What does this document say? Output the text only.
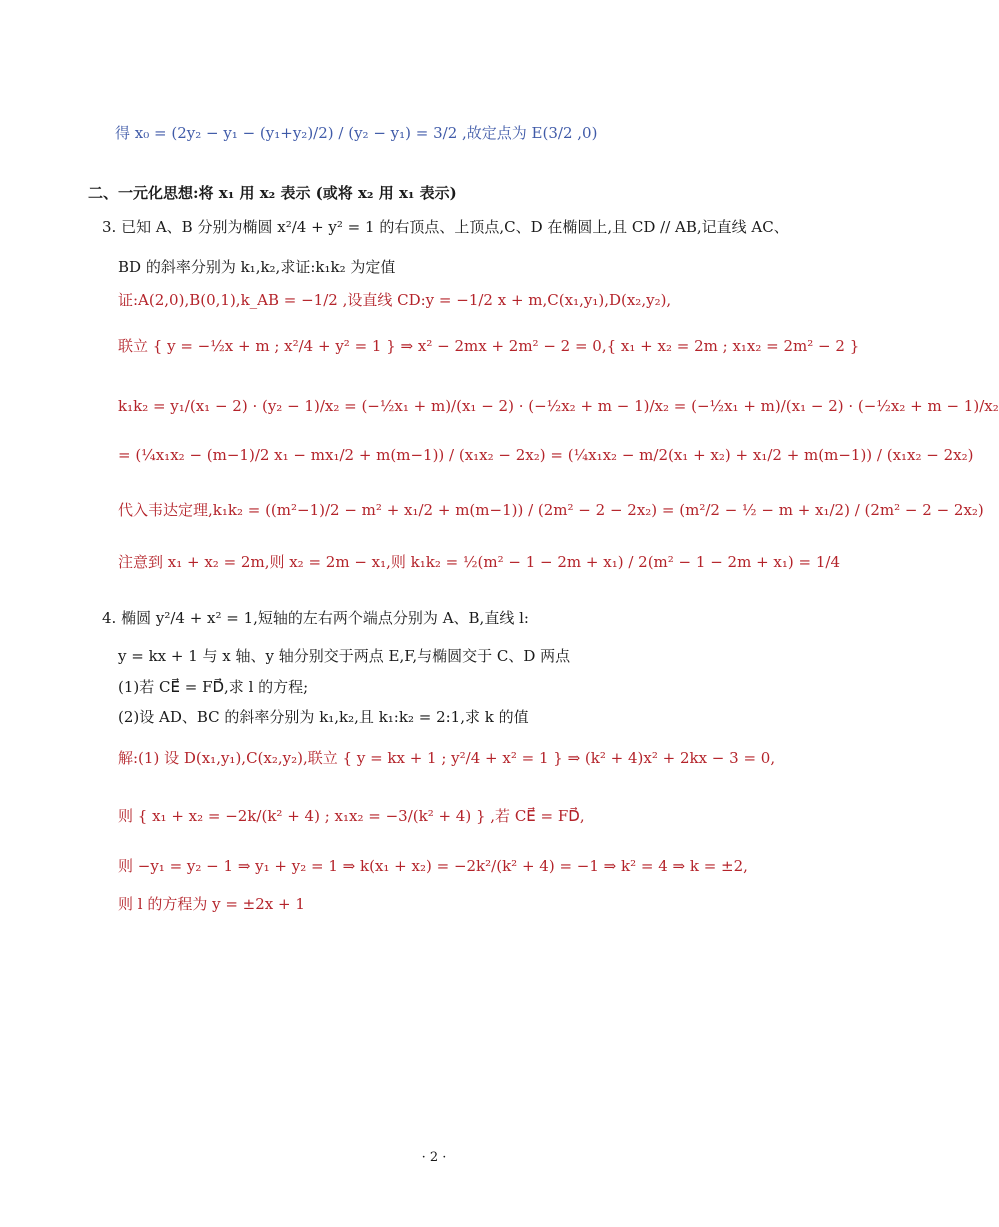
得 x₀ = (2y₂ − y₁ − (y₁+y₂)/2) / (y₂ − y₁) = 3/2 ,故定点为 E(3/2 ,0)
二、一元化思想:将 x₁ 用 x₂ 表示 (或将 x₂ 用 x₁ 表示)
3. 已知 A、B 分别为椭圆 x²/4 + y² = 1 的右顶点、上顶点,C、D 在椭圆上,且 CD // AB,记直线 AC、
BD 的斜率分别为 k₁,k₂,求证:k₁k₂ 为定值
证:A(2,0),B(0,1),k_AB = −1/2 ,设直线 CD:y = −1/2 x + m,C(x₁,y₁),D(x₂,y₂),
联立 { y = −½x + m ; x²/4 + y² = 1 } ⇒ x² − 2mx + 2m² − 2 = 0,{ x₁ + x₂ = 2m ; x₁x₂ = 2m² − 2 }
k₁k₂ = y₁/(x₁ − 2) · (y₂ − 1)/x₂ = (−½x₁ + m)/(x₁ − 2) · (−½x₂ + m − 1)/x₂ = (−½x₁ + m)/(x₁ − 2) · (−½x₂ + m − 1)/x₂
= (¼x₁x₂ − (m−1)/2 x₁ − mx₁/2 + m(m−1)) / (x₁x₂ − 2x₂) = (¼x₁x₂ − m/2(x₁ + x₂) + x₁/2 + m(m−1)) / (x₁x₂ − 2x₂)
代入韦达定理,k₁k₂ = ((m²−1)/2 − m² + x₁/2 + m(m−1)) / (2m² − 2 − 2x₂) = (m²/2 − ½ − m + x₁/2) / (2m² − 2 − 2x₂)
注意到 x₁ + x₂ = 2m,则 x₂ = 2m − x₁,则 k₁k₂ = ½(m² − 1 − 2m + x₁) / 2(m² − 1 − 2m + x₁) = 1/4
4. 椭圆 y²/4 + x² = 1,短轴的左右两个端点分别为 A、B,直线 l:
y = kx + 1 与 x 轴、y 轴分别交于两点 E,F,与椭圆交于 C、D 两点
(1)若 CE⃗ = FD⃗,求 l 的方程;
(2)设 AD、BC 的斜率分别为 k₁,k₂,且 k₁:k₂ = 2:1,求 k 的值
解:(1) 设 D(x₁,y₁),C(x₂,y₂),联立 { y = kx + 1 ; y²/4 + x² = 1 } ⇒ (k² + 4)x² + 2kx − 3 = 0,
则 { x₁ + x₂ = −2k/(k² + 4) ; x₁x₂ = −3/(k² + 4) } ,若 CE⃗ = FD⃗,
则 −y₁ = y₂ − 1 ⇒ y₁ + y₂ = 1 ⇒ k(x₁ + x₂) = −2k²/(k² + 4) = −1 ⇒ k² = 4 ⇒ k = ±2,
则 l 的方程为 y = ±2x + 1
· 2 ·
